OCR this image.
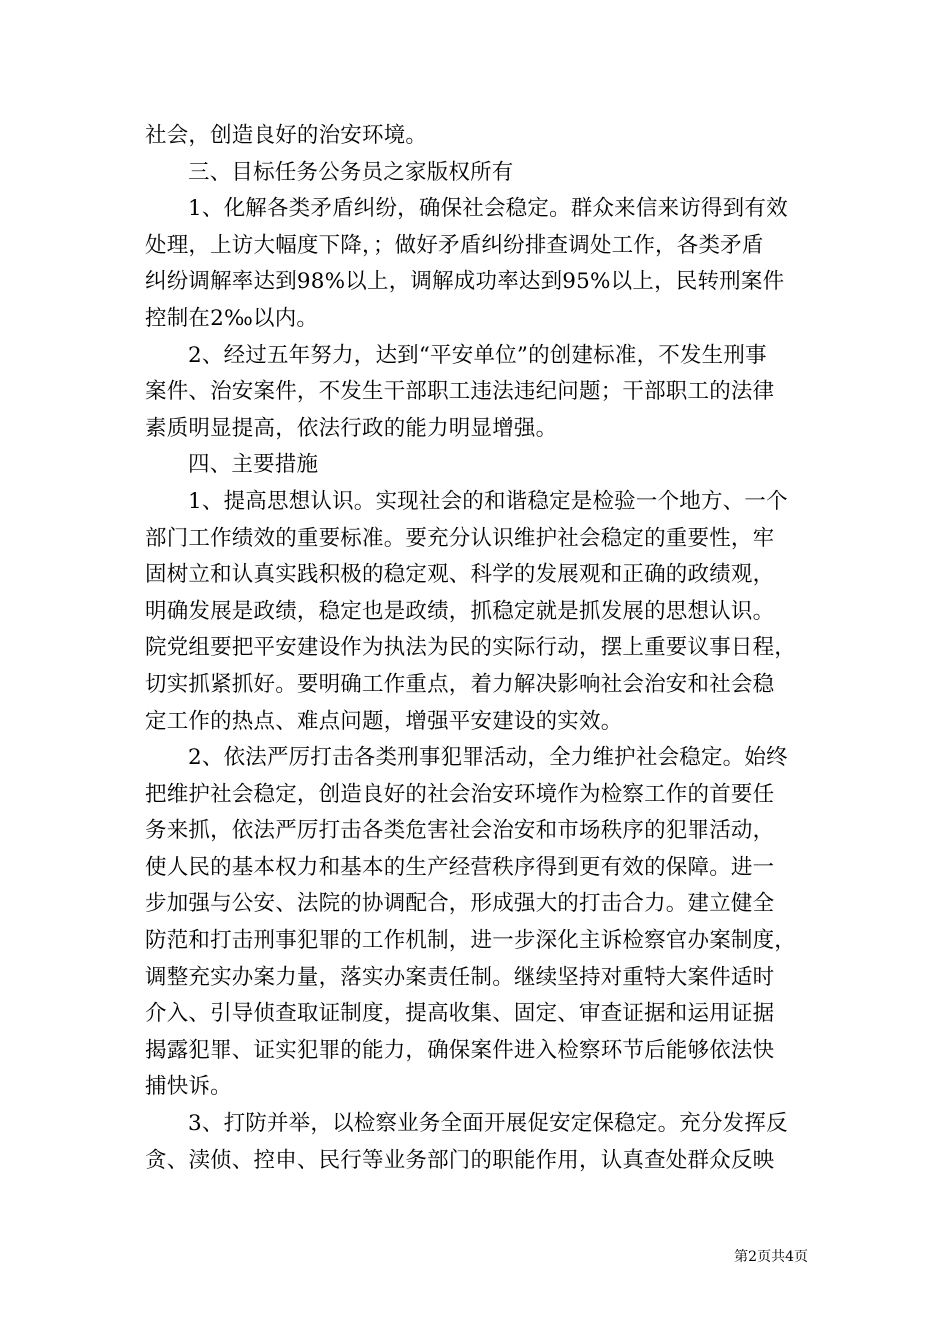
社会，创造良好的治安环境。
三、目标任务公务员之家版权所有
1、化解各类矛盾纠纷，确保社会稳定。群众来信来访得到有效
处理，上访大幅度下降，；做好矛盾纠纷排查调处工作，各类矛盾
纠纷调解率达到98%以上，调解成功率达到95%以上，民转刑案件
控制在2‰以内。
2、经过五年努力，达到“平安单位”的创建标准，不发生刑事
案件、治安案件，不发生干部职工违法违纪问题；干部职工的法律
素质明显提高，依法行政的能力明显增强。
四、主要措施
1、提高思想认识。实现社会的和谐稳定是检验一个地方、一个
部门工作绩效的重要标准。要充分认识维护社会稳定的重要性，牢
固树立和认真实践积极的稳定观、科学的发展观和正确的政绩观，
明确发展是政绩，稳定也是政绩，抓稳定就是抓发展的思想认识。
院党组要把平安建设作为执法为民的实际行动，摆上重要议事日程，
切实抓紧抓好。要明确工作重点，着力解决影响社会治安和社会稳
定工作的热点、难点问题，增强平安建设的实效。
2、依法严厉打击各类刑事犯罪活动，全力维护社会稳定。始终
把维护社会稳定，创造良好的社会治安环境作为检察工作的首要任
务来抓，依法严厉打击各类危害社会治安和市场秩序的犯罪活动，
使人民的基本权力和基本的生产经营秩序得到更有效的保障。进一
步加强与公安、法院的协调配合，形成强大的打击合力。建立健全
防范和打击刑事犯罪的工作机制，进一步深化主诉检察官办案制度，
调整充实办案力量，落实办案责任制。继续坚持对重特大案件适时
介入、引导侦查取证制度，提高收集、固定、审查证据和运用证据
揭露犯罪、证实犯罪的能力，确保案件进入检察环节后能够依法快
捕快诉。
3、打防并举，以检察业务全面开展促安定保稳定。充分发挥反
贪、渎侦、控申、民行等业务部门的职能作用，认真查处群众反映
第2页共4页
